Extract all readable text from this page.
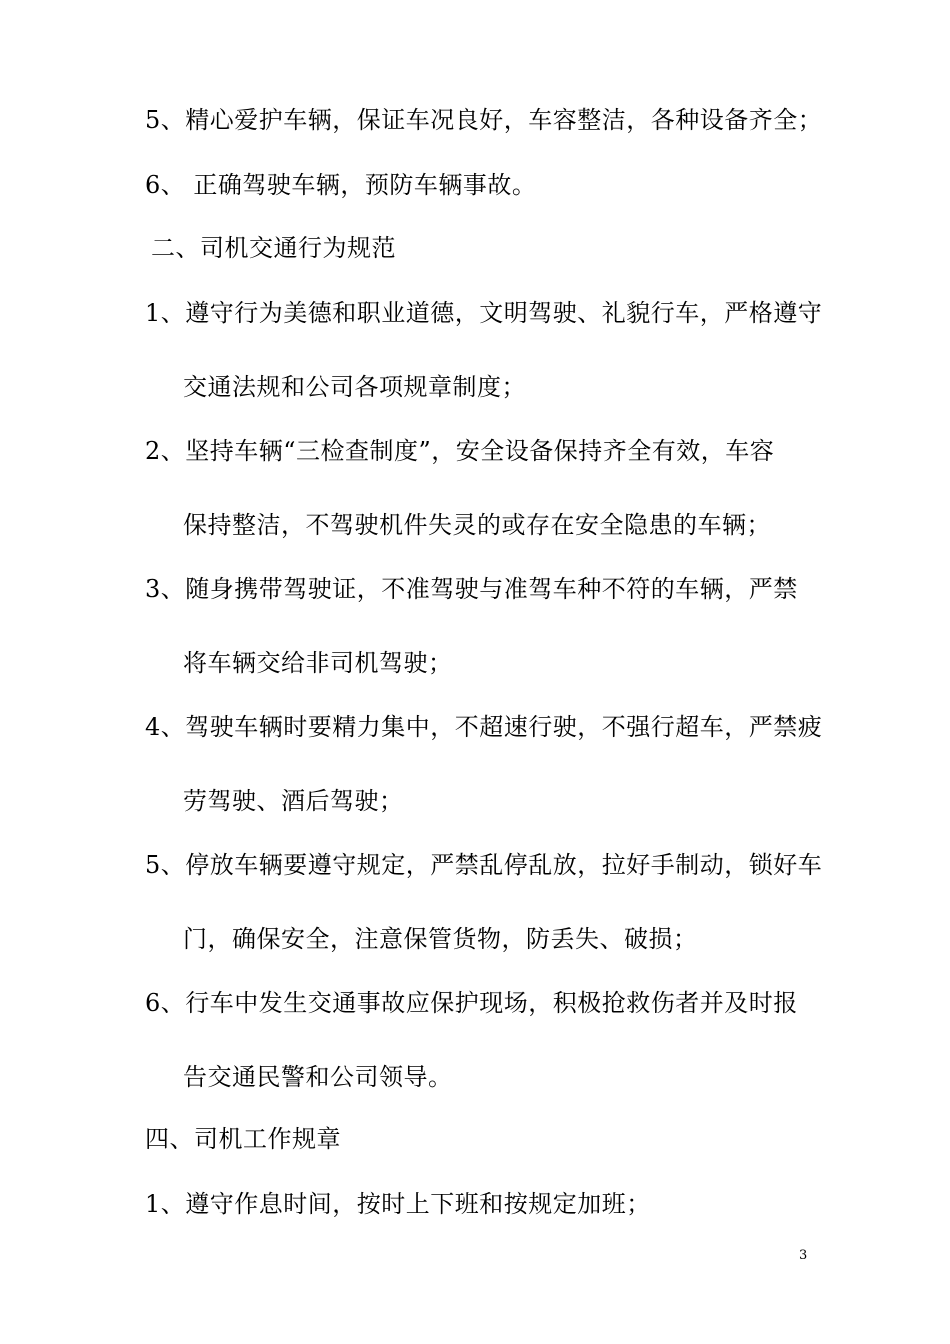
5、精心爱护车辆，保证车况良好，车容整洁，各种设备齐全；
6、 正确驾驶车辆，预防车辆事故。
二、司机交通行为规范
1、遵守行为美德和职业道德，文明驾驶、礼貌行车，严格遵守
交通法规和公司各项规章制度；
2、坚持车辆“三检查制度”，安全设备保持齐全有效，车容
保持整洁，不驾驶机件失灵的或存在安全隐患的车辆；
3、随身携带驾驶证，不准驾驶与准驾车种不符的车辆，严禁
将车辆交给非司机驾驶；
4、驾驶车辆时要精力集中，不超速行驶，不强行超车，严禁疲
劳驾驶、酒后驾驶；
5、停放车辆要遵守规定，严禁乱停乱放，拉好手制动，锁好车
门，确保安全，注意保管货物，防丢失、破损；
6、行车中发生交通事故应保护现场，积极抢救伤者并及时报
告交通民警和公司领导。
四、司机工作规章
1、遵守作息时间，按时上下班和按规定加班；
3
